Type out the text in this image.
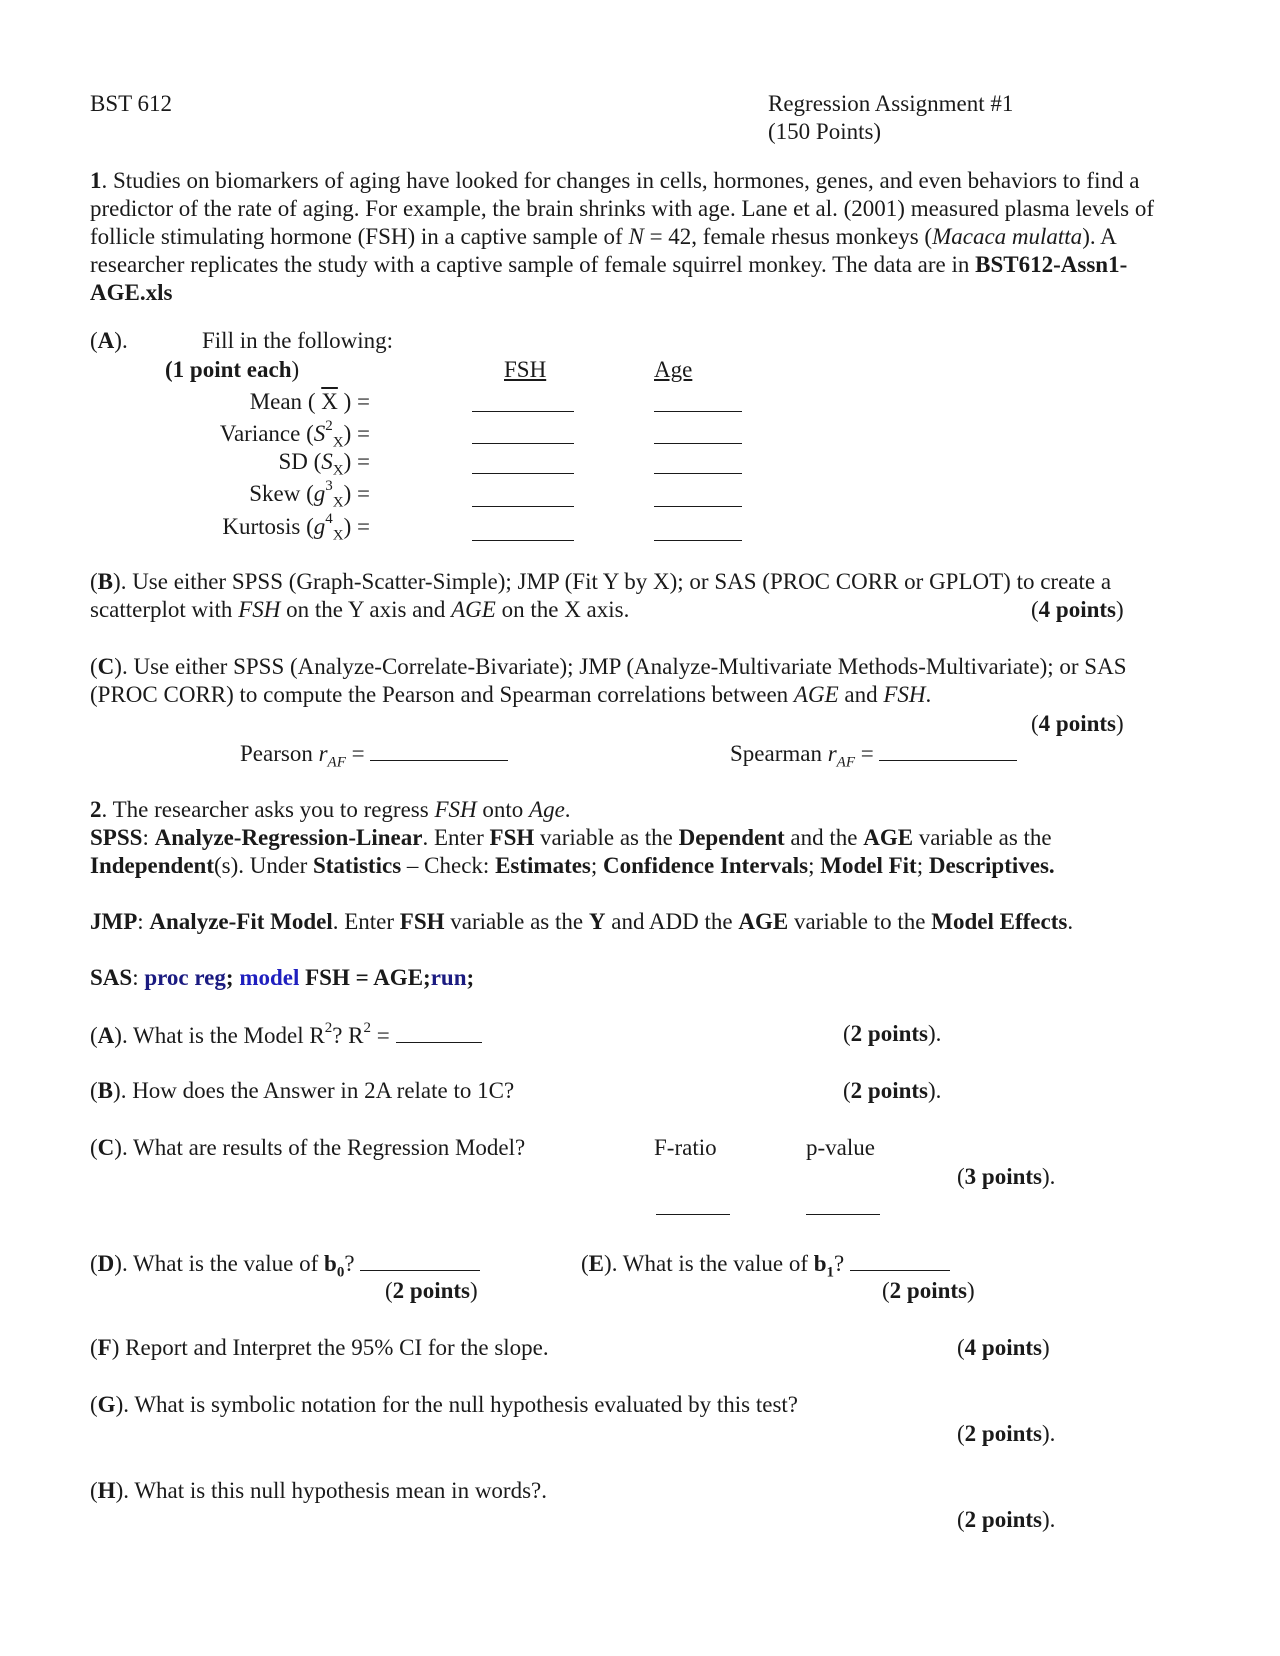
BST 612	Regression Assignment #1
(150 Points)
1. Studies on biomarkers of aging have looked for changes in cells, hormones, genes, and even behaviors to find a predictor of the rate of aging. For example, the brain shrinks with age. Lane et al. (2001) measured plasma levels of follicle stimulating hormone (FSH) in a captive sample of N = 42, female rhesus monkeys (Macaca mulatta). A researcher replicates the study with a captive sample of female squirrel monkey. The data are in BST612-Assn1-AGE.xls
(A).	Fill in the following:
(1 point each)	FSH	Age
Mean ( $\overline{X}$ ) =
Variance $(S^2_X)$ =
SD $(S_X)$ =
Skew $(g^3_X)$ =
Kurtosis $(g^4_X)$ =
(B). Use either SPSS (Graph-Scatter-Simple); JMP (Fit Y by X); or SAS (PROC CORR or GPLOT) to create a scatterplot with FSH on the Y axis and AGE on the X axis.	(4 points)
(C). Use either SPSS (Analyze-Correlate-Bivariate); JMP (Analyze-Multivariate Methods-Multivariate); or SAS (PROC CORR) to compute the Pearson and Spearman correlations between AGE and FSH.
(4 points)
Pearson $r_{AF}$ =	Spearman $r_{AF}$ =
2. The researcher asks you to regress FSH onto Age.
SPSS: Analyze-Regression-Linear. Enter FSH variable as the Dependent and the AGE variable as the Independent(s). Under Statistics – Check: Estimates; Confidence Intervals; Model Fit; Descriptives.
JMP: Analyze-Fit Model. Enter FSH variable as the Y and ADD the AGE variable to the Model Effects.
SAS: proc reg; model FSH = AGE;run;
(A). What is the Model $R^2$? $R^2$ =	(2 points).
(B). How does the Answer in 2A relate to 1C?	(2 points).
(C). What are results of the Regression Model?	F-ratio	p-value
(3 points).
(D). What is the value of $b_0$?
(2 points)
(E). What is the value of $b_1$?
(2 points)
(F) Report and Interpret the 95% CI for the slope.	(4 points)
(G). What is symbolic notation for the null hypothesis evaluated by this test?
(2 points).
(H). What is this null hypothesis mean in words?.
(2 points).
